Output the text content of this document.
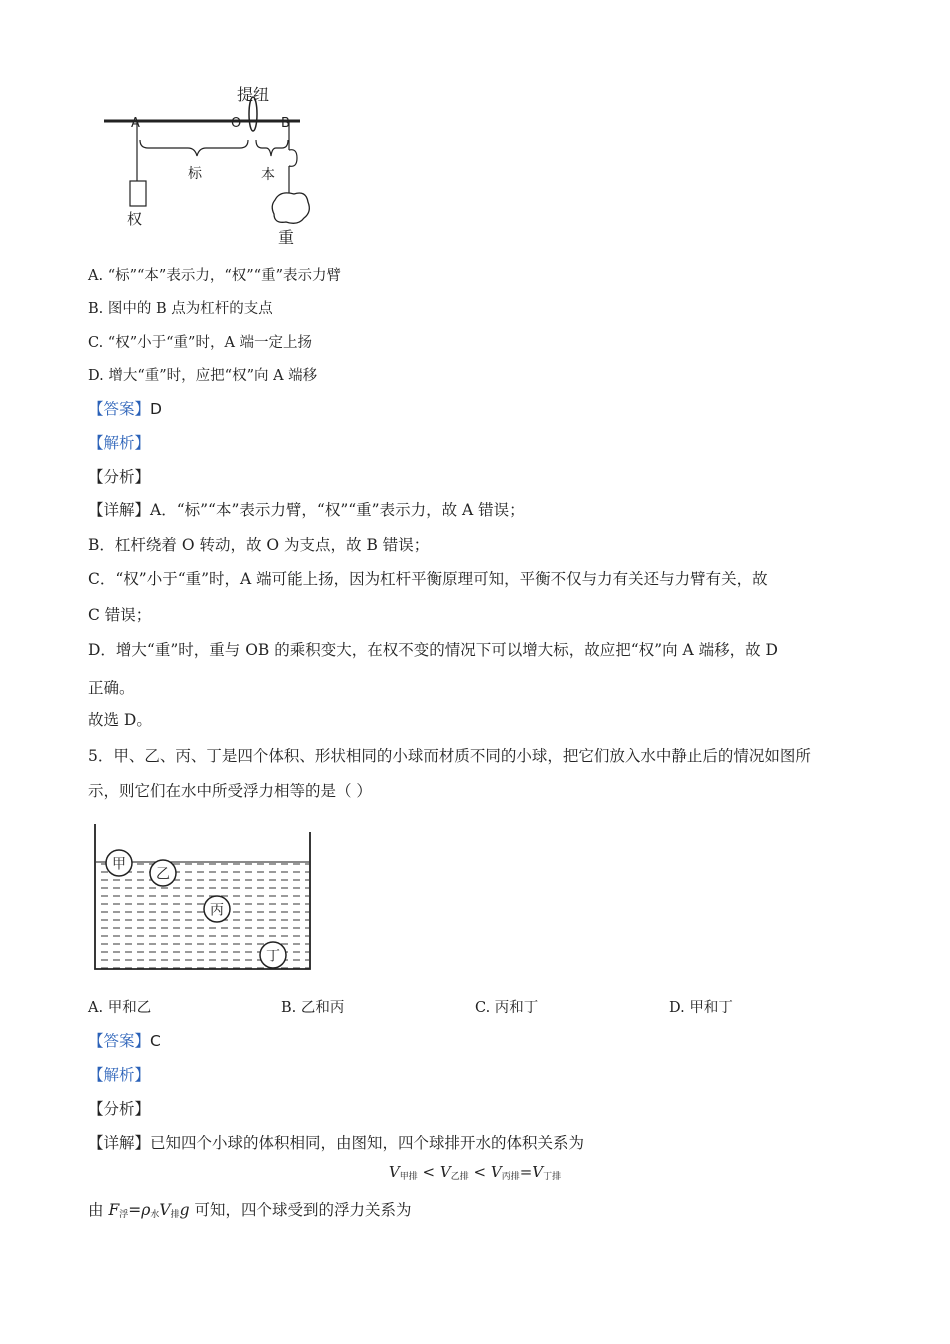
提纽
A	O	B
权
标	本
重
A. “标”“本”表示力，“权”“重”表示力臂
B. 图中的 B 点为杠杆的支点
C. “权”小于“重”时，A 端一定上扬
D. 增大“重”时，应把“权”向 A 端移
【答案】D
【解析】
【分析】
【详解】A．“标”“本”表示力臂，“权”“重”表示力，故 A 错误；
B．杠杆绕着 O 转动，故 O 为支点，故 B 错误；
C．“权”小于“重”时，A 端可能上扬，因为杠杆平衡原理可知，平衡不仅与力有关还与力臂有关，故
C 错误；
D．增大“重”时，重与 OB 的乘积变大，在权不变的情况下可以增大标，故应把“权”向 A 端移，故 D
正确。
故选 D。
5．甲、乙、丙、丁是四个体积、形状相同的小球而材质不同的小球，把它们放入水中静止后的情况如图所
示，则它们在水中所受浮力相等的是（ ）
甲
乙
丙
丁
A. 甲和乙	B. 乙和丙	C. 丙和丁	D. 甲和丁
【答案】C
【解析】
【分析】
【详解】已知四个小球的体积相同，由图知，四个球排开水的体积关系为
$V_{甲排} < V_{乙排} < V_{丙排}=V_{丁排}$
由 $F_浮=\rho_水V_排g$ 可知，四个球受到的浮力关系为
